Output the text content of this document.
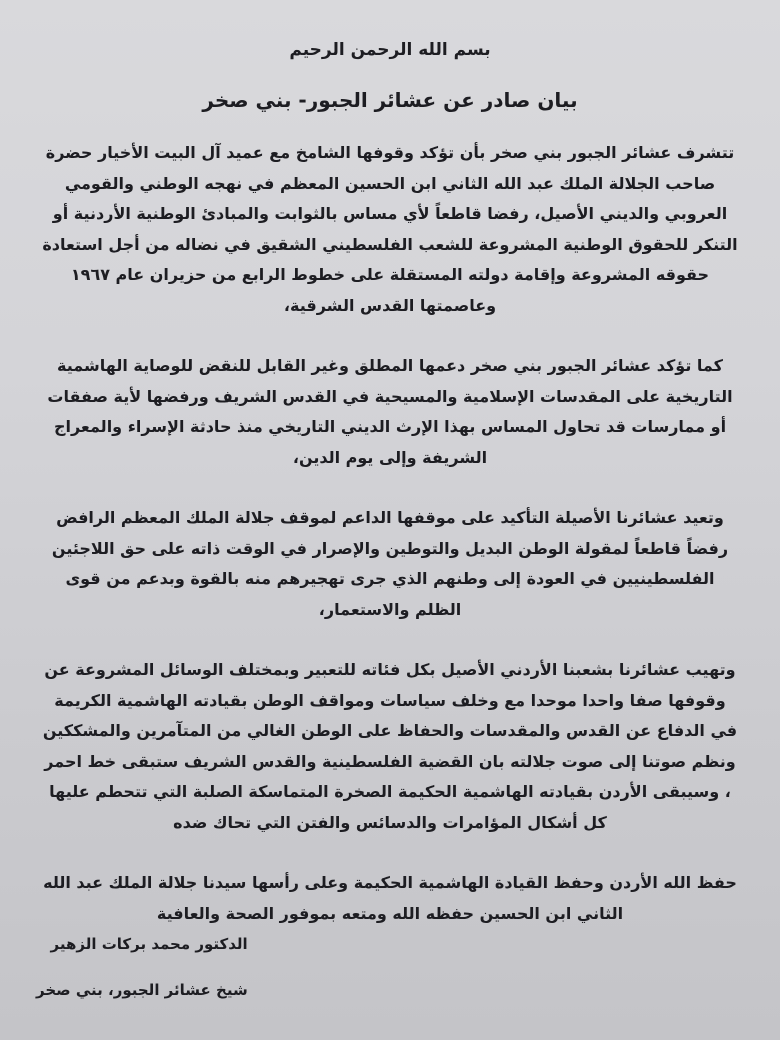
بسم الله الرحمن الرحيم
بيان صادر عن عشائر الجبور- بني صخر

تتشرف عشائر الجبور بني صخر بأن تؤكد وقوفها الشامخ مع عميد آل البيت الأخيار حضرة صاحب الجلالة الملك عبد الله الثاني ابن الحسين المعظم في نهجه الوطني والقومي العروبي والديني الأصيل، رفضا قاطعاً لأي مساس بالثوابت والمبادئ الوطنية الأردنية أو التنكر للحقوق الوطنية المشروعة للشعب الفلسطيني الشقيق في نضاله من أجل استعادة حقوقه المشروعة وإقامة دولته المستقلة على خطوط الرابع من حزيران عام ١٩٦٧ وعاصمتها القدس الشرقية،

كما تؤكد عشائر الجبور بني صخر دعمها المطلق وغير القابل للنقض للوصاية الهاشمية التاريخية على المقدسات الإسلامية والمسيحية في القدس الشريف ورفضها لأية صفقات أو ممارسات قد تحاول المساس بهذا الإرث الديني التاريخي منذ حادثة الإسراء والمعراج الشريفة وإلى يوم الدين،

وتعيد عشائرنا الأصيلة التأكيد على موقفها الداعم لموقف جلالة الملك المعظم الرافض رفضاً قاطعاً لمقولة الوطن البديل والتوطين والإصرار في الوقت ذاته على حق اللاجئين الفلسطينيين في العودة إلى وطنهم الذي جرى تهجيرهم منه بالقوة وبدعم من قوى الظلم والاستعمار،

وتهيب عشائرنا بشعبنا الأردني الأصيل بكل فئاته للتعبير وبمختلف الوسائل المشروعة عن وقوفها صفا واحدا موحدا مع وخلف سياسات ومواقف الوطن بقيادته الهاشمية الكريمة في الدفاع عن القدس والمقدسات والحفاظ على الوطن الغالي من المتآمرين والمشككين ونظم صوتنا إلى صوت جلالته بان القضية الفلسطينية والقدس الشريف ستبقى خط احمر ، وسيبقى الأردن بقيادته الهاشمية الحكيمة الصخرة المتماسكة الصلبة التي تتحطم عليها كل أشكال المؤامرات والدسائس والفتن التي تحاك ضده

حفظ الله الأردن وحفظ القيادة الهاشمية الحكيمة وعلى رأسها سيدنا جلالة الملك عبد الله الثاني ابن الحسين حفظه الله ومتعه بموفور الصحة والعافية

الدكتور محمد بركات الزهير
شيخ عشائر الجبور، بني صخر
